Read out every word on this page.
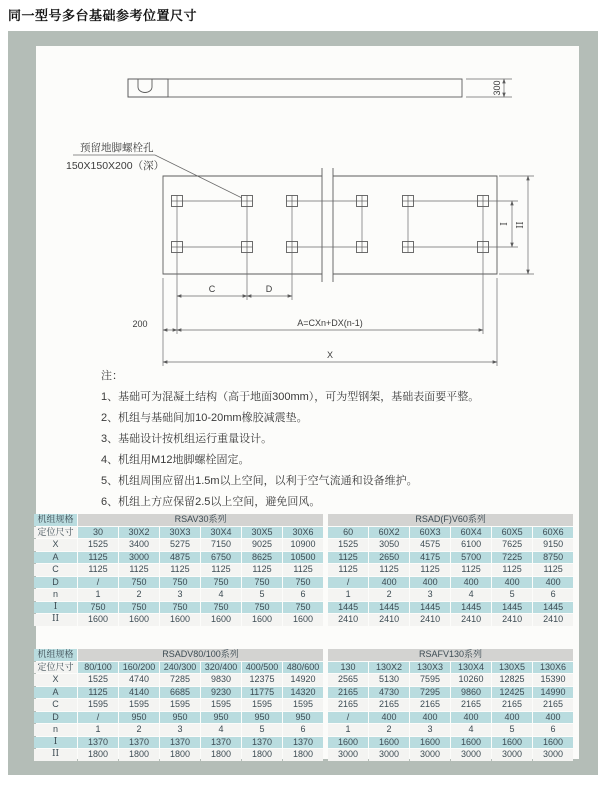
同一型号多台基础参考位置尺寸
300
预留地脚螺栓孔
150X150X200（深）
I II
C	D
200	A=CXn+DX(n-1)
X
注：
1、基础可为混凝土结构（高于地面300mm），可为型钢架，基础表面要平整。
2、机组与基础间加10-20mm橡胶减震垫。
3、基础设计按机组运行重量设计。
4、机组用M12地脚螺栓固定。
5、机组周围应留出1.5m以上空间，以利于空气流通和设备维护。
6、机组上方应保留2.5以上空间，避免回风。
机组规格	RSAV30系列							RSAD(F)V60系列					
定位尺寸	30	30X2	30X3	30X4	30X5	30X6		60	60X2	60X3	60X4	60X5	60X6
X	1525	3400	5275	7150	9025	10900		1525	3050	4575	6100	7625	9150
A	1125	3000	4875	6750	8625	10500		1125	2650	4175	5700	7225	8750
C	1125	1125	1125	1125	1125	1125		1125	1125	1125	1125	1125	1125
D	/	750	750	750	750	750		/	400	400	400	400	400
n	1	2	3	4	5	6		1	2	3	4	5	6
I	750	750	750	750	750	750		1445	1445	1445	1445	1445	1445
II	1600	1600	1600	1600	1600	1600		2410	2410	2410	2410	2410	2410
机组规格	RSADV80/100系列							RSAFV130系列					
定位尺寸	80/100	160/200	240/300	320/400	400/500	480/600		130	130X2	130X3	130X4	130X5	130X6
X	1525	4740	7285	9830	12375	14920		2565	5130	7595	10260	12825	15390
A	1125	4140	6685	9230	11775	14320		2165	4730	7295	9860	12425	14990
C	1595	1595	1595	1595	1595	1595		2165	2165	2165	2165	2165	2165
D	/	950	950	950	950	950		/	400	400	400	400	400
n	1	2	3	4	5	6		1	2	3	4	5	6
I	1370	1370	1370	1370	1370	1370		1600	1600	1600	1600	1600	1600
II	1800	1800	1800	1800	1800	1800		3000	3000	3000	3000	3000	3000
